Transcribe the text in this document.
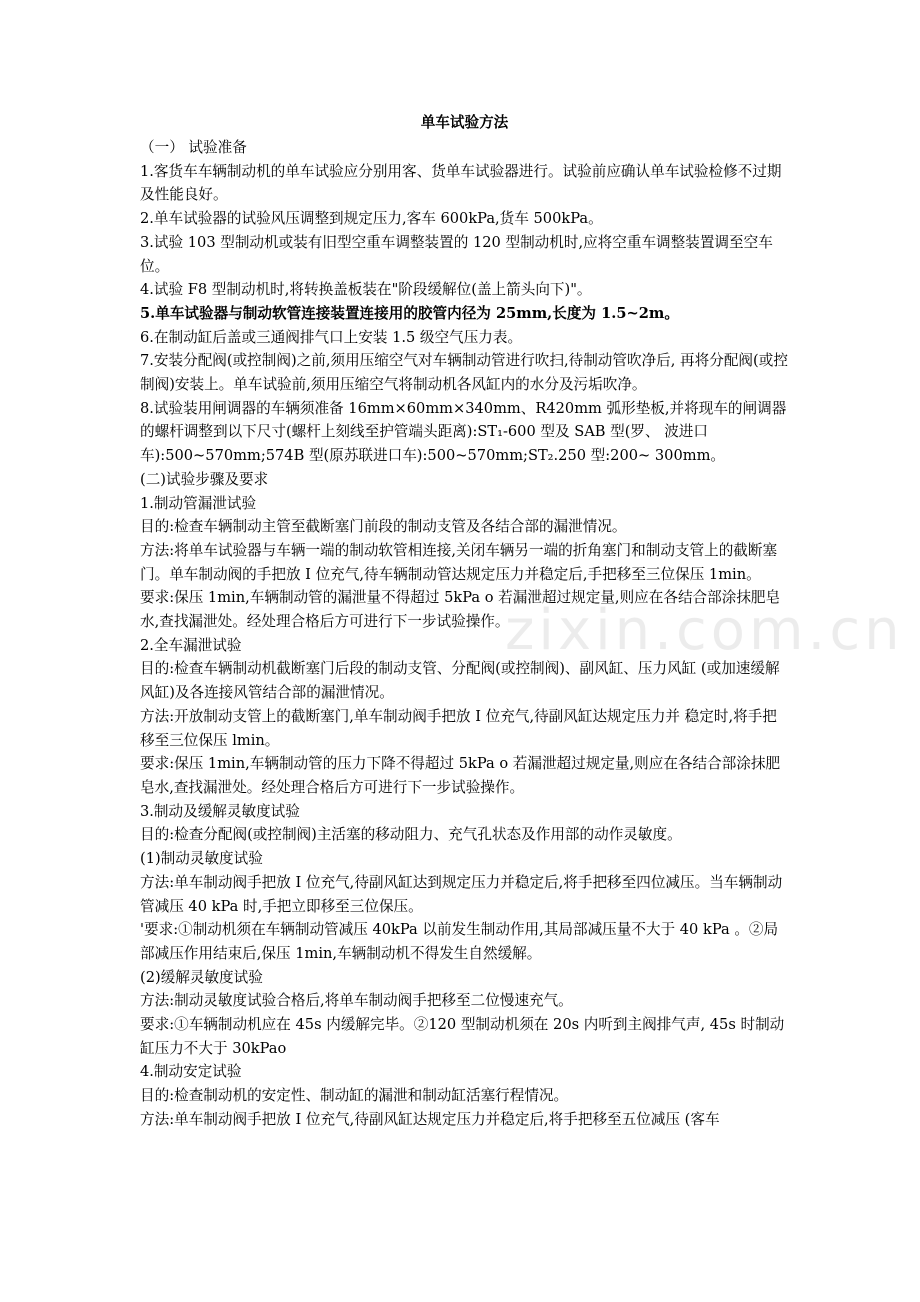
单车试验方法

（一） 试验准备

1.客货车车辆制动机的单车试验应分别用客、货单车试验器进行。试验前应确认单车试验检修不过期及性能良好。

2.单车试验器的试验风压调整到规定压力,客车 600kPa,货车 500kPa。

3.试验 103 型制动机或装有旧型空重车调整装置的 120 型制动机时,应将空重车调整装置调至空车位。

4.试验 F8 型制动机时,将转换盖板装在"阶段缓解位(盖上箭头向下)"。

5.单车试验器与制动软管连接装置连接用的胶管内径为 25mm,长度为 1.5~2m。

6.在制动缸后盖或三通阀排气口上安装 1.5 级空气压力表。

7.安装分配阀(或控制阀)之前,须用压缩空气对车辆制动管进行吹扫,待制动管吹净后, 再将分配阀(或控制阀)安装上。单车试验前,须用压缩空气将制动机各风缸内的水分及污垢吹净。

8.试验装用闸调器的车辆须准备 16mm×60mm×340mm、R420mm 弧形垫板,并将现车的闸调器的螺杆调整到以下尺寸(螺杆上刻线至护管端头距离):ST₁-600 型及 SAB 型(罗、 波进口车):500~570mm;574B 型(原苏联进口车):500~570mm;ST₂.250 型:200~ 300mm。

(二)试验步骤及要求

1.制动管漏泄试验

目的:检查车辆制动主管至截断塞门前段的制动支管及各结合部的漏泄情况。

方法:将单车试验器与车辆一端的制动软管相连接,关闭车辆另一端的折角塞门和制动支管上的截断塞门。单车制动阀的手把放 I 位充气,待车辆制动管达规定压力并稳定后,手把移至三位保压 1min。

要求:保压 1min,车辆制动管的漏泄量不得超过 5kPa o 若漏泄超过规定量,则应在各结合部涂抹肥皂水,查找漏泄处。经处理合格后方可进行下一步试验操作。

2.全车漏泄试验

目的:检查车辆制动机截断塞门后段的制动支管、分配阀(或控制阀)、副风缸、压力风缸 (或加速缓解风缸)及各连接风管结合部的漏泄情况。

方法:开放制动支管上的截断塞门,单车制动阀手把放 I 位充气,待副风缸达规定压力并 稳定时,将手把移至三位保压 lmin。

要求:保压 1min,车辆制动管的压力下降不得超过 5kPa o 若漏泄超过规定量,则应在各结合部涂抹肥皂水,查找漏泄处。经处理合格后方可进行下一步试验操作。

3.制动及缓解灵敏度试验

目的:检查分配阀(或控制阀)主活塞的移动阻力、充气孔状态及作用部的动作灵敏度。

(1)制动灵敏度试验

方法:单车制动阀手把放 I 位充气,待副风缸达到规定压力并稳定后,将手把移至四位减压。当车辆制动管减压 40 kPa 时,手把立即移至三位保压。

'要求:①制动机须在车辆制动管减压 40kPa 以前发生制动作用,其局部减压量不大于 40 kPa 。②局部减压作用结束后,保压 1min,车辆制动机不得发生自然缓解。

(2)缓解灵敏度试验

方法:制动灵敏度试验合格后,将单车制动阀手把移至二位慢速充气。

要求:①车辆制动机应在 45s 内缓解完毕。②120 型制动机须在 20s 内听到主阀排气声, 45s 时制动缸压力不大于 30kPao

4.制动安定试验

目的:检查制动机的安定性、制动缸的漏泄和制动缸活塞行程情况。

方法:单车制动阀手把放 I 位充气,待副风缸达规定压力并稳定后,将手把移至五位减压 (客车

zixin.com.cn
